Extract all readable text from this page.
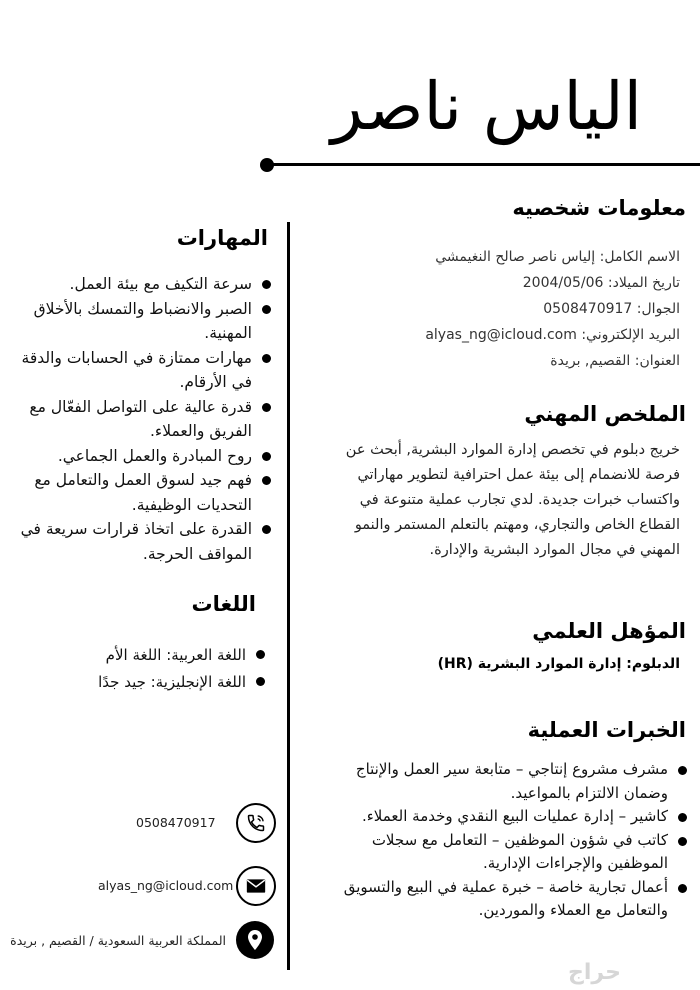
الياس ناصر
معلومات شخصيه
الاسم الكامل: إلياس ناصر صالح النغيمشي
تاريخ الميلاد: 2004/05/06
الجوال: 0508470917
البريد الإلكتروني: alyas_ng@icloud.com
العنوان: القصيم, بريدة
الملخص المهني
خريج دبلوم في تخصص إدارة الموارد البشرية, أبحث عن فرصة للانضمام إلى بيئة عمل احترافية لتطوير مهاراتي واكتساب خبرات جديدة. لدي تجارب عملية متنوعة في القطاع الخاص والتجاري، ومهتم بالتعلم المستمر والنمو المهني في مجال الموارد البشرية والإدارة.
المؤهل العلمي
الدبلوم: إدارة الموارد البشرية (HR)
الخبرات العملية
مشرف مشروع إنتاجي – متابعة سير العمل والإنتاج وضمان الالتزام بالمواعيد.
كاشير – إدارة عمليات البيع النقدي وخدمة العملاء.
كاتب في شؤون الموظفين – التعامل مع سجلات الموظفين والإجراءات الإدارية.
أعمال تجارية خاصة – خبرة عملية في البيع والتسويق والتعامل مع العملاء والموردين.
المهارات
سرعة التكيف مع بيئة العمل.
الصبر والانضباط والتمسك بالأخلاق المهنية.
مهارات ممتازة في الحسابات والدقة في الأرقام.
قدرة عالية على التواصل الفعّال مع الفريق والعملاء.
روح المبادرة والعمل الجماعي.
فهم جيد لسوق العمل والتعامل مع التحديات الوظيفية.
القدرة على اتخاذ قرارات سريعة في المواقف الحرجة.
اللغات
اللغة العربية: اللغة الأم
اللغة الإنجليزية: جيد جدًا
0508470917
alyas_ng@icloud.com
المملكة العربية السعودية / القصيم , بريدة
حراج
